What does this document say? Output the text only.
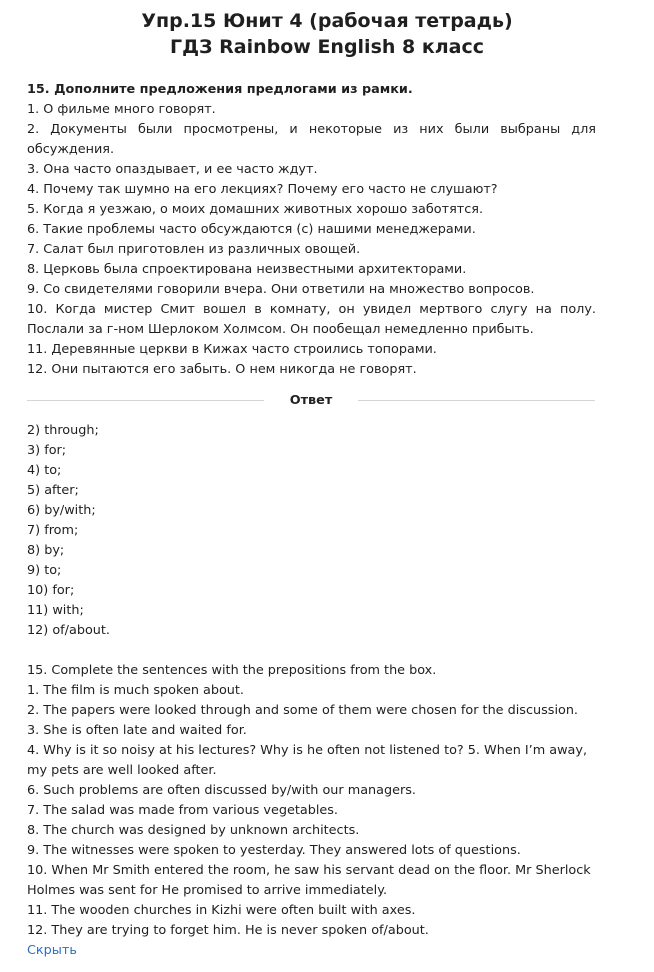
Упр.15 Юнит 4 (рабочая тетрадь)
ГДЗ Rainbow English 8 класс
15. Дополните предложения предлогами из рамки.
1. О фильме много говорят.
2. Документы были просмотрены, и некоторые из них были выбраны для обсуждения.
3. Она часто опаздывает, и ее часто ждут.
4. Почему так шумно на его лекциях? Почему его часто не слушают?
5. Когда я уезжаю, о моих домашних животных хорошо заботятся.
6. Такие проблемы часто обсуждаются (с) нашими менеджерами.
7. Салат был приготовлен из различных овощей.
8. Церковь была спроектирована неизвестными архитекторами.
9. Со свидетелями говорили вчера. Они ответили на множество вопросов.
10. Когда мистер Смит вошел в комнату, он увидел мертвого слугу на полу. Послали за г-ном Шерлоком Холмсом. Он пообещал немедленно прибыть.
11. Деревянные церкви в Кижах часто строились топорами.
12. Они пытаются его забыть. О нем никогда не говорят.
Ответ
2) through;
3) for;
4) to;
5) after;
6) by/with;
7) from;
8) by;
9) to;
10) for;
11) with;
12) of/about.
15. Complete the sentences with the prepositions from the box.
1. The film is much spoken about.
2. The papers were looked through and some of them were chosen for the discussion.
3. She is often late and waited for.
4. Why is it so noisy at his lectures? Why is he often not listened to? 5. When I’m away, my pets are well looked after.
6. Such problems are often discussed by/with our managers.
7. The salad was made from various vegetables.
8. The church was designed by unknown architects.
9. The witnesses were spoken to yesterday. They answered lots of questions.
10. When Mr Smith entered the room, he saw his servant dead on the floor. Mr Sherlock Holmes was sent for He promised to arrive immediately.
11. The wooden churches in Kizhi were often built with axes.
12. They are trying to forget him. He is never spoken of/about.
Скрыть
